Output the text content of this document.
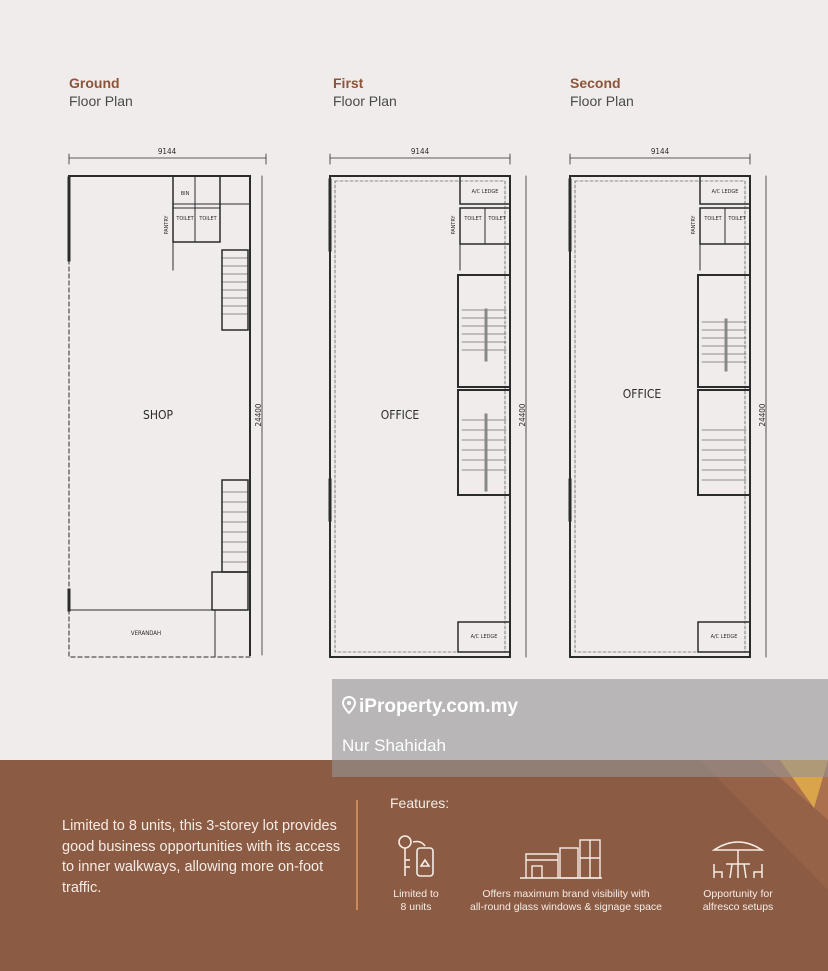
Ground
Floor Plan
First
Floor Plan
Second
Floor Plan
9144
SHOP
BIN
TOILET TOILET
VERANDAH
PANTRY
24400
9144
OFFICE
A/C LEDGE
TOILET TOILET
A/C LEDGE
PANTRY
24400
9144
OFFICE
A/C LEDGE
TOILET TOILET
A/C LEDGE
PANTRY
24400
Limited to 8 units, this 3-storey lot provides good business opportunities with its access to inner walkways, allowing more on-foot traffic.
Features:
Limited to
8 units
Offers maximum brand visibility with
all-round glass windows & signage space
Opportunity for
alfresco setups
iProperty.com.my
Nur Shahidah
